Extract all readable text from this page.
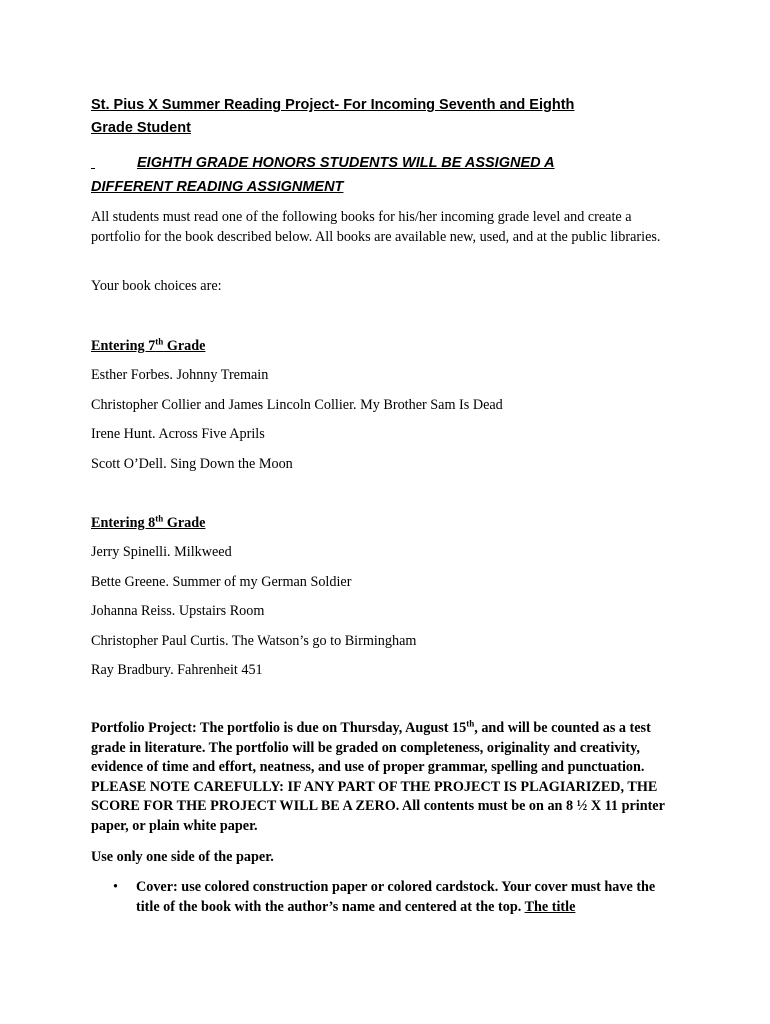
St. Pius X Summer Reading Project- For Incoming Seventh and Eighth

Grade Student

EIGHTH GRADE HONORS STUDENTS WILL BE ASSIGNED A

DIFFERENT READING ASSIGNMENT

All students must read one of the following books for his/her incoming grade level and create a portfolio for the book described below. All books are available new, used, and at the public libraries.

Your book choices are:

Entering 7th Grade

Esther Forbes. Johnny Tremain

Christopher Collier and James Lincoln Collier. My Brother Sam Is Dead

Irene Hunt. Across Five Aprils

Scott O’Dell. Sing Down the Moon

Entering 8th Grade

Jerry Spinelli. Milkweed

Bette Greene. Summer of my German Soldier

Johanna Reiss. Upstairs Room

Christopher Paul Curtis. The Watson’s go to Birmingham

Ray Bradbury. Fahrenheit 451

Portfolio Project: The portfolio is due on Thursday, August 15th, and will be counted as a test grade in literature. The portfolio will be graded on completeness, originality and creativity, evidence of time and effort, neatness, and use of proper grammar, spelling and punctuation. PLEASE NOTE CAREFULLY: IF ANY PART OF THE PROJECT IS PLAGIARIZED, THE SCORE FOR THE PROJECT WILL BE A ZERO. All contents must be on an 8 ½ X 11 printer paper, or plain white paper.

Use only one side of the paper.

• Cover: use colored construction paper or colored cardstock. Your cover must have the title of the book with the author’s name and centered at the top. The title
